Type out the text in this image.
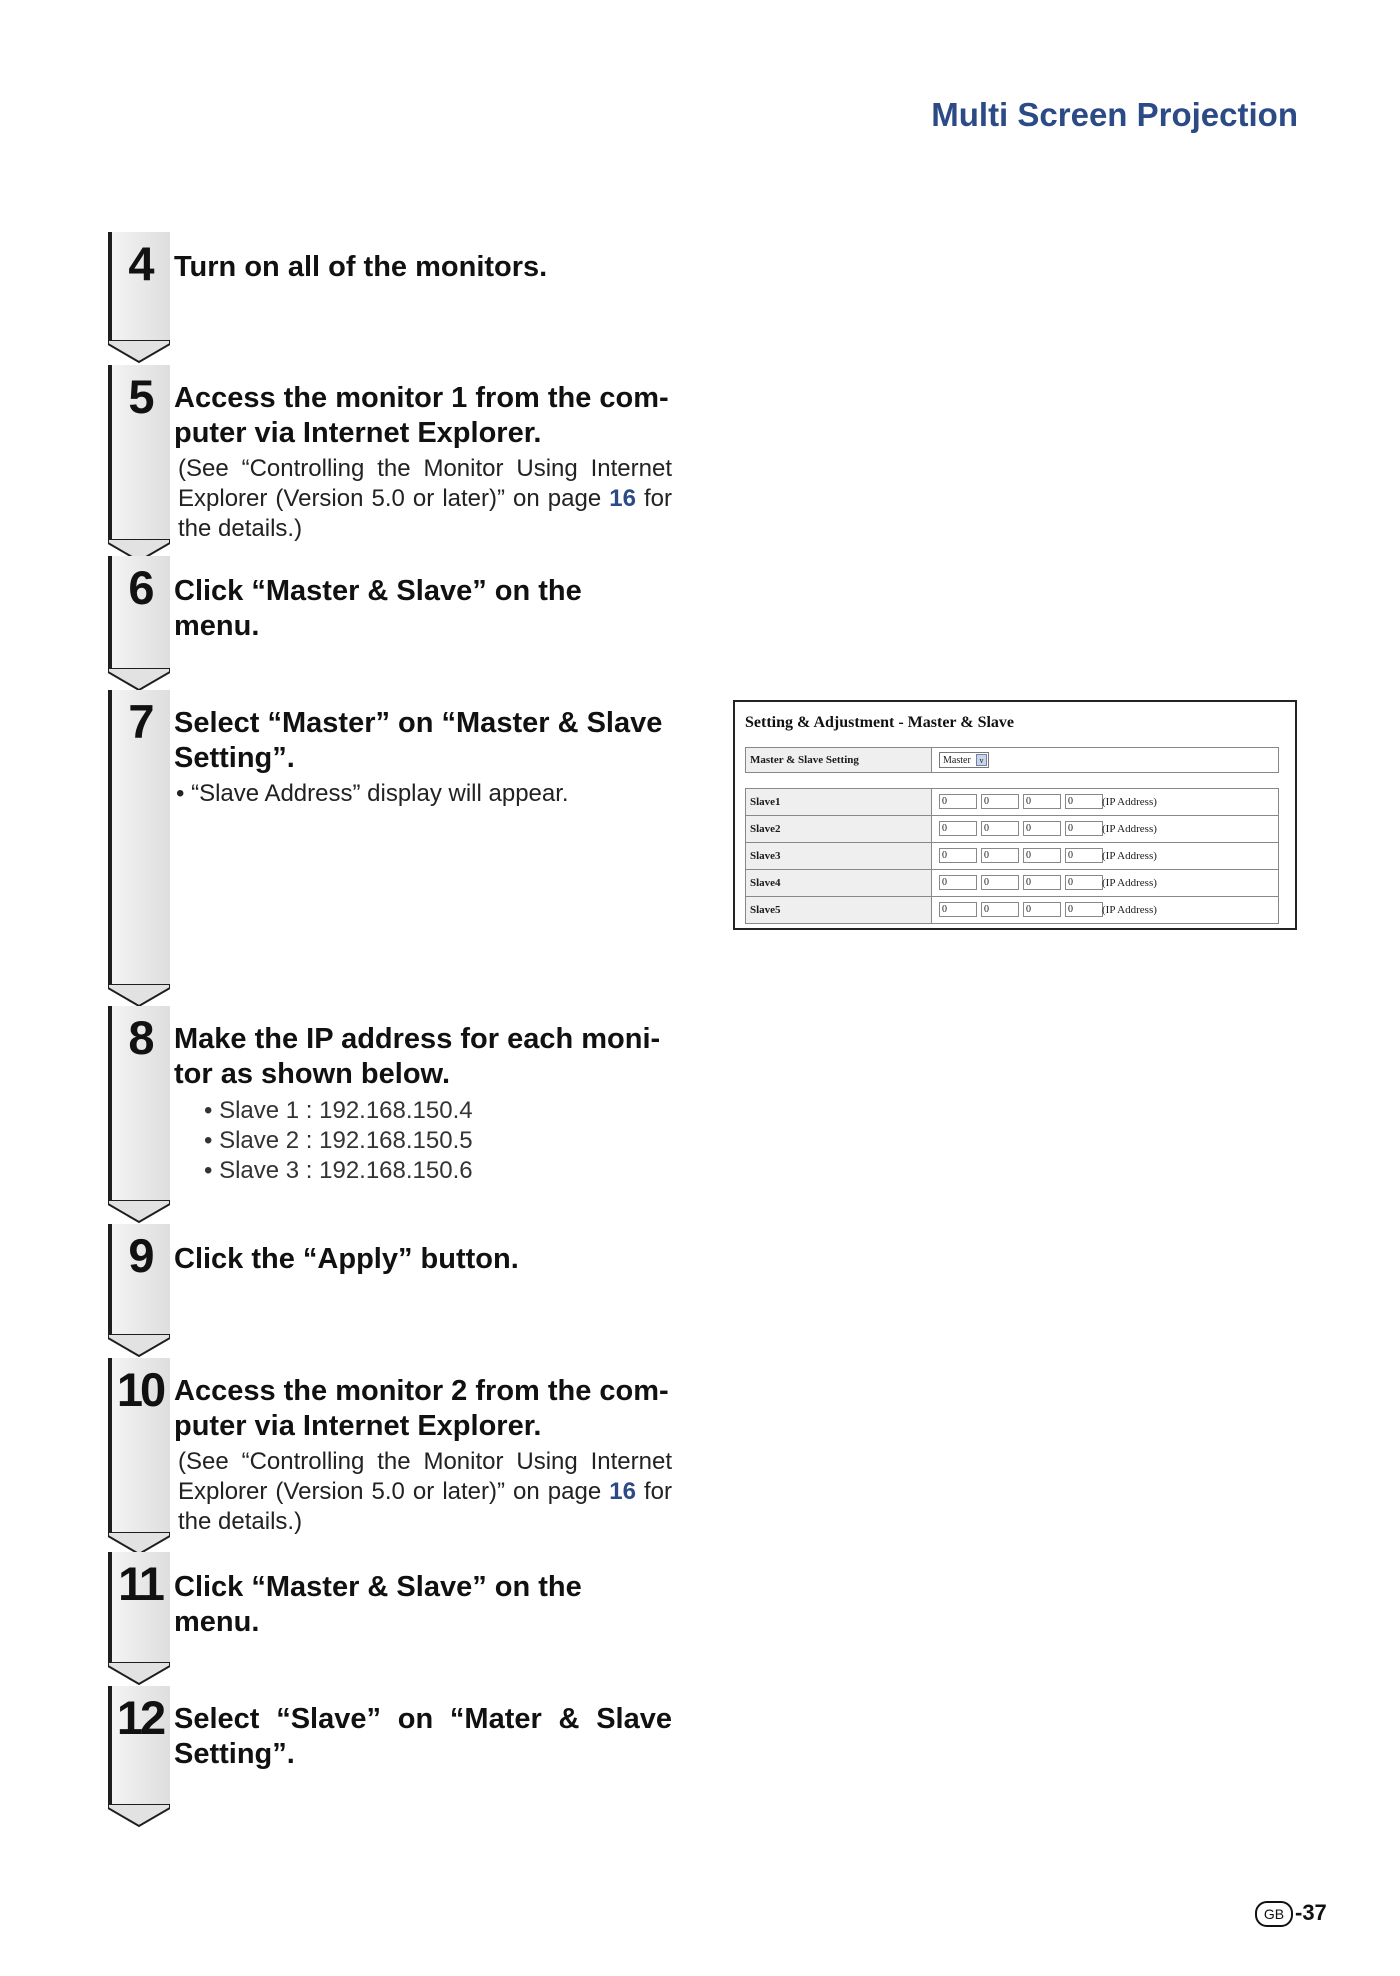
Multi Screen Projection
4 Turn on all of the monitors.
5 Access the monitor 1 from the com-puter via Internet Explorer.
(See “Controlling the Monitor Using Internet Explorer (Version 5.0 or later)” on page 16 for the details.)
6 Click “Master & Slave” on the menu.
7 Select “Master” on “Master & Slave Setting”.
• “Slave Address” display will appear.
8 Make the IP address for each moni-tor as shown below.
• Slave 1 : 192.168.150.4
• Slave 2 : 192.168.150.5
• Slave 3 : 192.168.150.6
9 Click the “Apply” button.
10 Access the monitor 2 from the com-puter via Internet Explorer.
(See “Controlling the Monitor Using Internet Explorer (Version 5.0 or later)” on page 16 for the details.)
11 Click “Master & Slave” on the menu.
12 Select “Slave” on “Mater & Slave Setting”.
Setting & Adjustment - Master & Slave
Master & Slave Setting	Master	v
Slave1	0	0	0	0	(IP Address)
Slave2	0	0	0	0	(IP Address)
Slave3	0	0	0	0	(IP Address)
Slave4	0	0	0	0	(IP Address)
Slave5	0	0	0	0	(IP Address)
GB -37
